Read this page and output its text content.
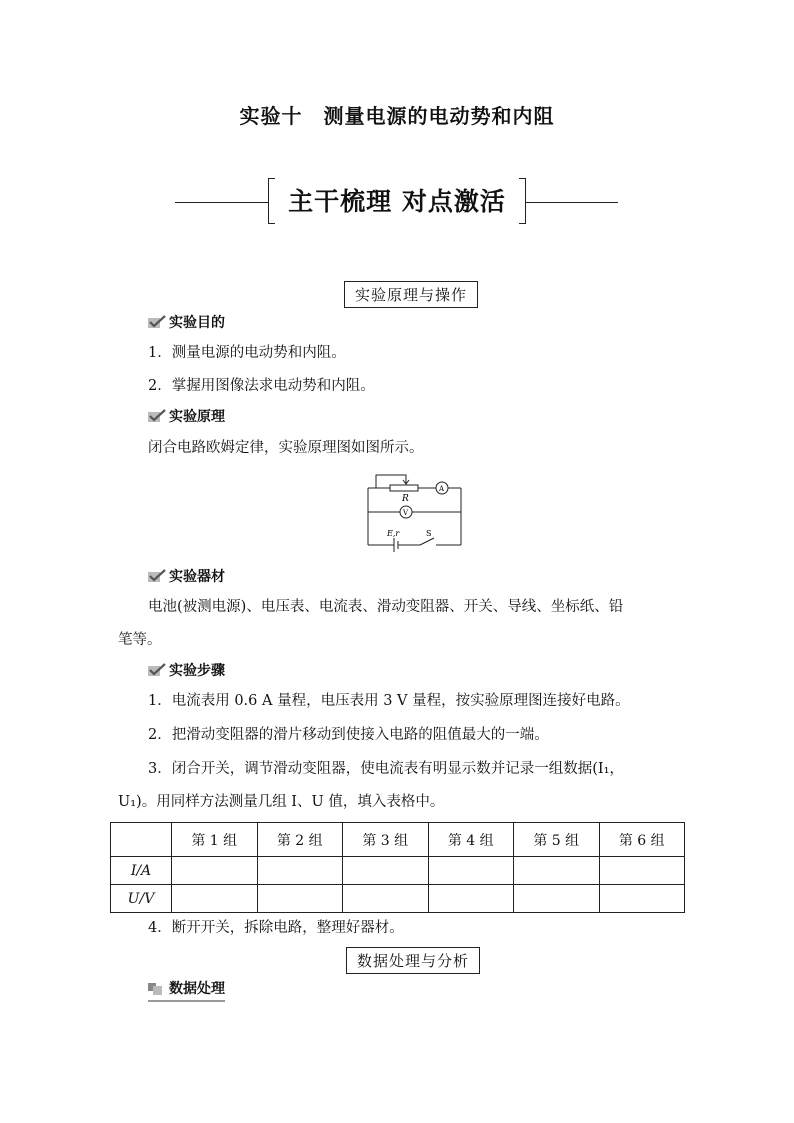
实验十　测量电源的电动势和内阻
主干梳理 对点激活
实验原理与操作
实验目的
1．测量电源的电动势和内阻。
2．掌握用图像法求电动势和内阻。
实验原理
闭合电路欧姆定律，实验原理图如图所示。
R
A
V
E,r	S
实验器材
电池(被测电源)、电压表、电流表、滑动变阻器、开关、导线、坐标纸、铅
笔等。
实验步骤
1．电流表用 0.6 A 量程，电压表用 3 V 量程，按实验原理图连接好电路。
2．把滑动变阻器的滑片移动到使接入电路的阻值最大的一端。
3．闭合开关，调节滑动变阻器，使电流表有明显示数并记录一组数据(I₁，
U₁)。用同样方法测量几组 I、U 值，填入表格中。
	第 1 组	第 2 组	第 3 组	第 4 组	第 5 组	第 6 组
I/A						
U/V						
4．断开开关，拆除电路，整理好器材。
数据处理与分析
数据处理
